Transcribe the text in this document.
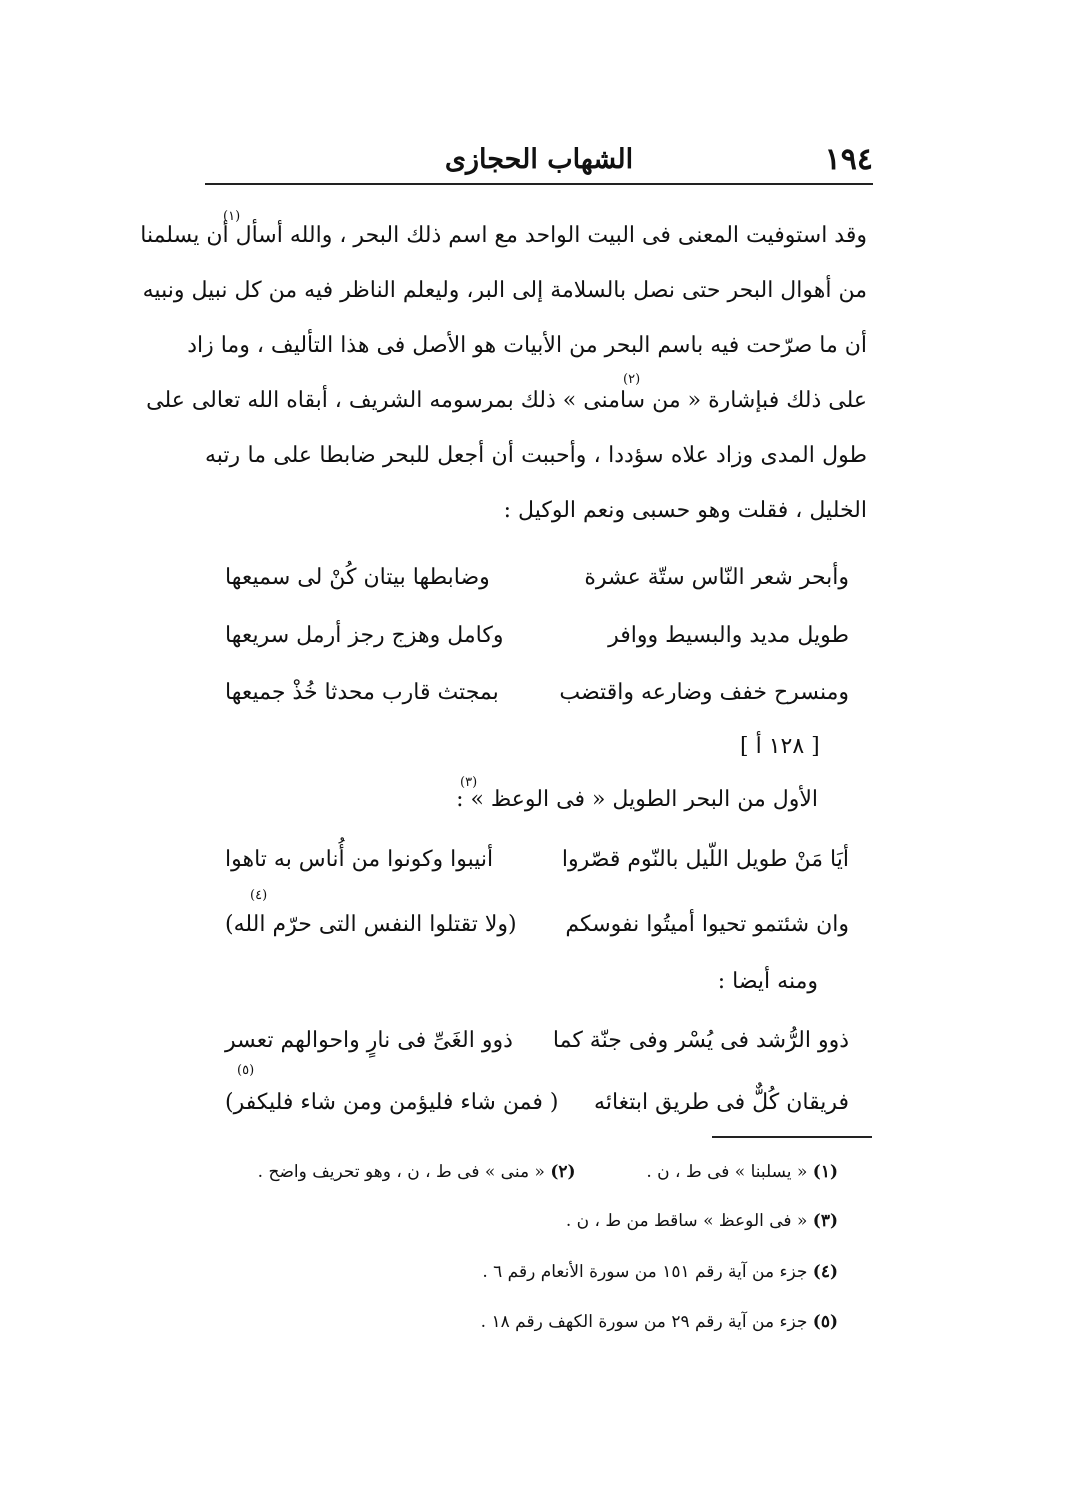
١٩٤
الشهاب الحجازى
(١)
(٢)
وقد استوفيت المعنى فى البيت الواحد مع اسم ذلك البحر ، والله أسأل أن يسلمنا
من أهوال البحر حتى نصل بالسلامة إلى البر، وليعلم الناظر فيه من كل نبيل ونبيه
أن ما صرّحت فيه باسم البحر من الأبيات هو الأصل فى هذا التأليف ، وما زاد
على ذلك فبإشارة « من سامنى » ذلك بمرسومه الشريف ، أبقاه الله تعالى على
طول المدى وزاد علاه سؤددا ، وأحببت أن أجعل للبحر ضابطا على ما رتبه
الخليل ، فقلت وهو حسبى ونعم الوكيل :
وأبحر شعر النّاس ستّة عشرة
وضابطها بيتان كُنْ لى سميعها
طويل مديد والبسيط ووافر
وكامل وهزج رجز أرمل سريعها
ومنسرح خفف وضارعه واقتضب
بمجتث قارب محدثا خُذْ جميعها
[ ١٢٨ أ ]
(٣)
الأول من البحر الطويل « فى الوعظ » :
أيَا مَنْ طويل اللّيل بالنّوم قصّروا
أنيبوا وكونوا من أُناس به تاهوا
(٤)
وان شئتمو تحيوا أميتُوا نفوسكم
(ولا تقتلوا النفس التى حرّم الله)
ومنه أيضا :
ذوو الرُّشد فى يُسْر وفى جنّة كما
ذوو الغَىِّ فى نارٍ واحوالهم تعسر
(٥)
فريقان كُلٌّ فى طريق ابتغائه
( فمن شاء فليؤمن ومن شاء فليكفر)
(١) « يسلبنا » فى ط ، ن .  (٢) « منى » فى ط ، ن ، وهو تحريف واضح .
(٣) « فى الوعظ » ساقط من ط ، ن .
(٤) جزء من آية رقم ١٥١ من سورة الأنعام رقم ٦ .
(٥) جزء من آية رقم ٢٩ من سورة الكهف رقم ١٨ .
